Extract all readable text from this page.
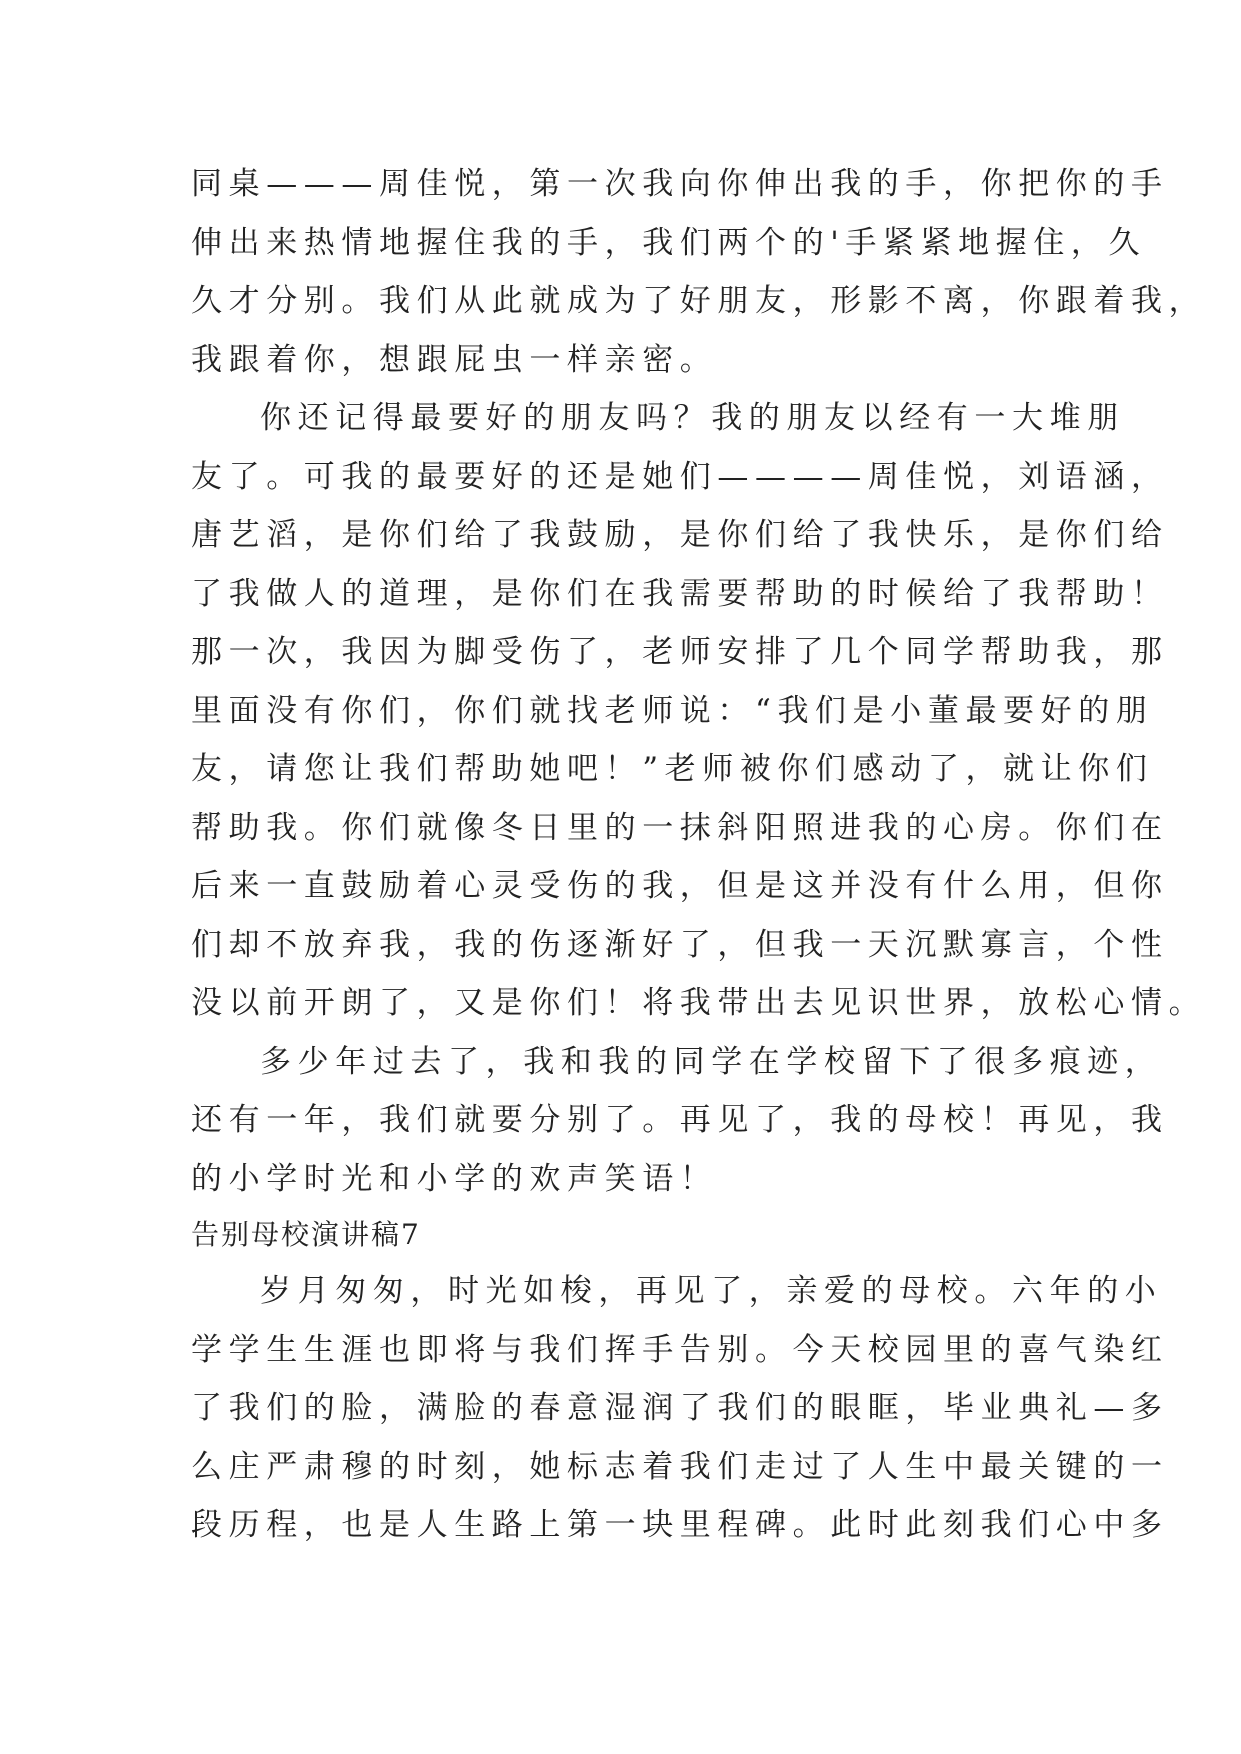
同桌———周佳悦，第一次我向你伸出我的手，你把你的手
伸出来热情地握住我的手，我们两个的'手紧紧地握住，久
久才分别。我们从此就成为了好朋友，形影不离，你跟着我，
我跟着你，想跟屁虫一样亲密。
你还记得最要好的朋友吗？我的朋友以经有一大堆朋
友了。可我的最要好的还是她们————周佳悦，刘语涵，
唐艺滔，是你们给了我鼓励，是你们给了我快乐，是你们给
了我做人的道理，是你们在我需要帮助的时候给了我帮助！
那一次，我因为脚受伤了，老师安排了几个同学帮助我，那
里面没有你们，你们就找老师说：“我们是小董最要好的朋
友，请您让我们帮助她吧！”老师被你们感动了，就让你们
帮助我。你们就像冬日里的一抹斜阳照进我的心房。你们在
后来一直鼓励着心灵受伤的我，但是这并没有什么用，但你
们却不放弃我，我的伤逐渐好了，但我一天沉默寡言，个性
没以前开朗了，又是你们！将我带出去见识世界，放松心情。
多少年过去了，我和我的同学在学校留下了很多痕迹，
还有一年，我们就要分别了。再见了，我的母校！再见，我
的小学时光和小学的欢声笑语！
告别母校演讲稿7
岁月匆匆，时光如梭，再见了，亲爱的母校。六年的小
学学生生涯也即将与我们挥手告别。今天校园里的喜气染红
了我们的脸，满脸的春意湿润了我们的眼眶，毕业典礼—多
么庄严肃穆的时刻，她标志着我们走过了人生中最关键的一
段历程，也是人生路上第一块里程碑。此时此刻我们心中多
